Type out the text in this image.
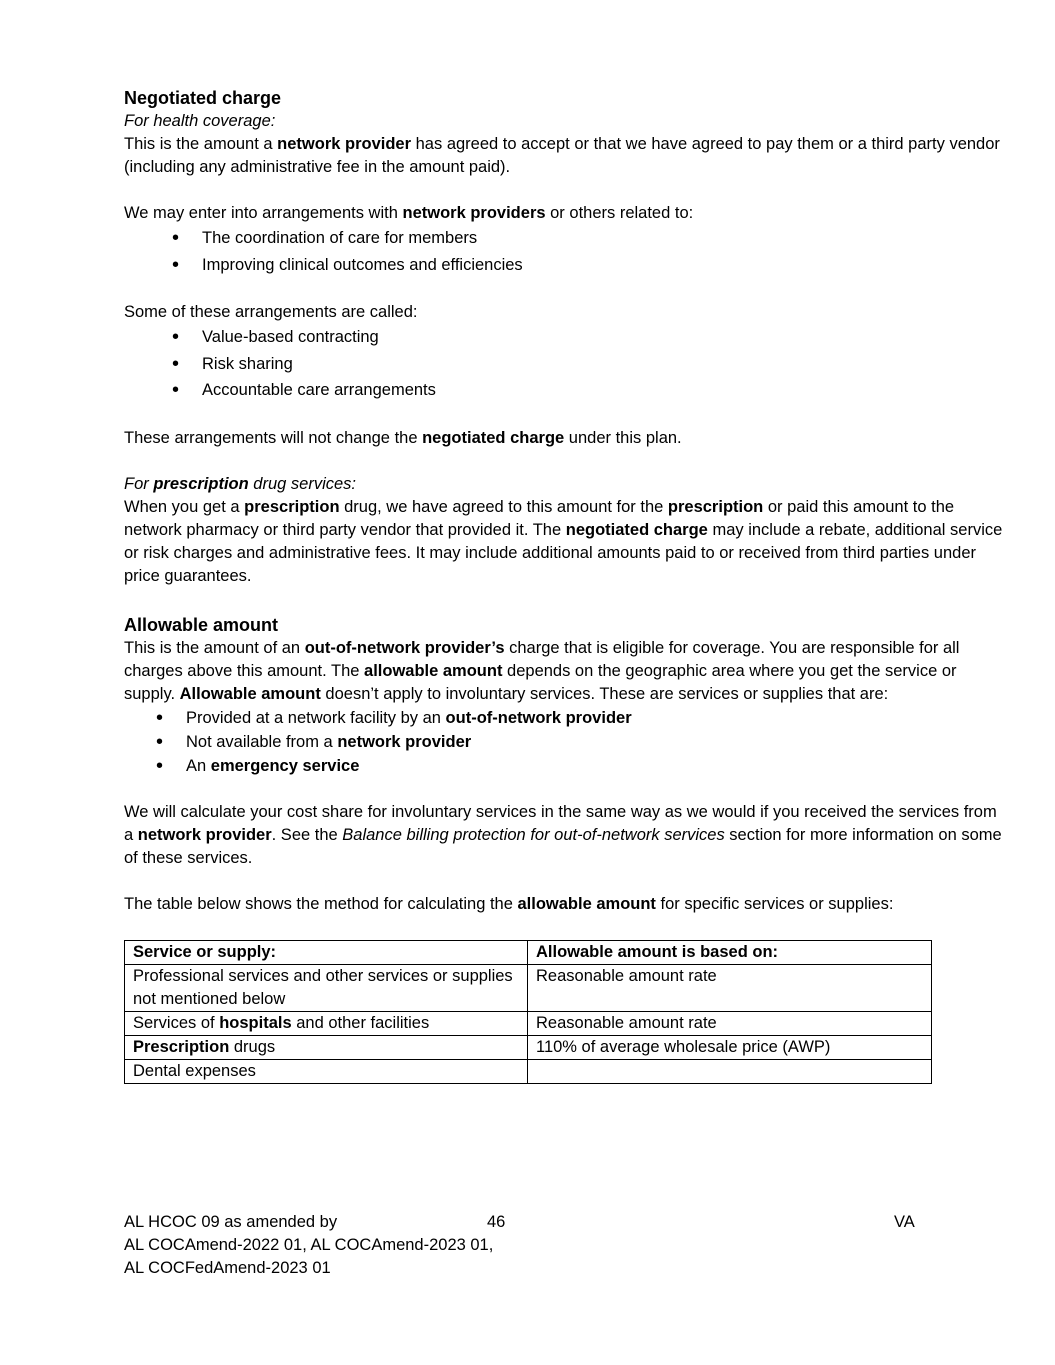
Negotiated charge

For health coverage:

This is the amount a network provider has agreed to accept or that we have agreed to pay them or a third party vendor (including any administrative fee in the amount paid).

We may enter into arrangements with network providers or others related to:

• The coordination of care for members
• Improving clinical outcomes and efficiencies

Some of these arrangements are called:

• Value-based contracting
• Risk sharing
• Accountable care arrangements

These arrangements will not change the negotiated charge under this plan.

For prescription drug services:

When you get a prescription drug, we have agreed to this amount for the prescription or paid this amount to the network pharmacy or third party vendor that provided it. The negotiated charge may include a rebate, additional service or risk charges and administrative fees. It may include additional amounts paid to or received from third parties under price guarantees.

Allowable amount

This is the amount of an out-of-network provider’s charge that is eligible for coverage. You are responsible for all charges above this amount. The allowable amount depends on the geographic area where you get the service or supply. Allowable amount doesn’t apply to involuntary services. These are services or supplies that are:

• Provided at a network facility by an out-of-network provider
• Not available from a network provider
• An emergency service

We will calculate your cost share for involuntary services in the same way as we would if you received the services from a network provider. See the Balance billing protection for out-of-network services section for more information on some of these services.

The table below shows the method for calculating the allowable amount for specific services or supplies:

Service or supply:	Allowable amount is based on:
Professional services and other services or supplies not mentioned below	Reasonable amount rate
Services of hospitals and other facilities	Reasonable amount rate
Prescription drugs	110% of average wholesale price (AWP)
Dental expenses	
AL HCOC 09 as amended by
AL COCAmend-2022 01, AL COCAmend-2023 01,
AL COCFedAmend-2023 01
46	VA
